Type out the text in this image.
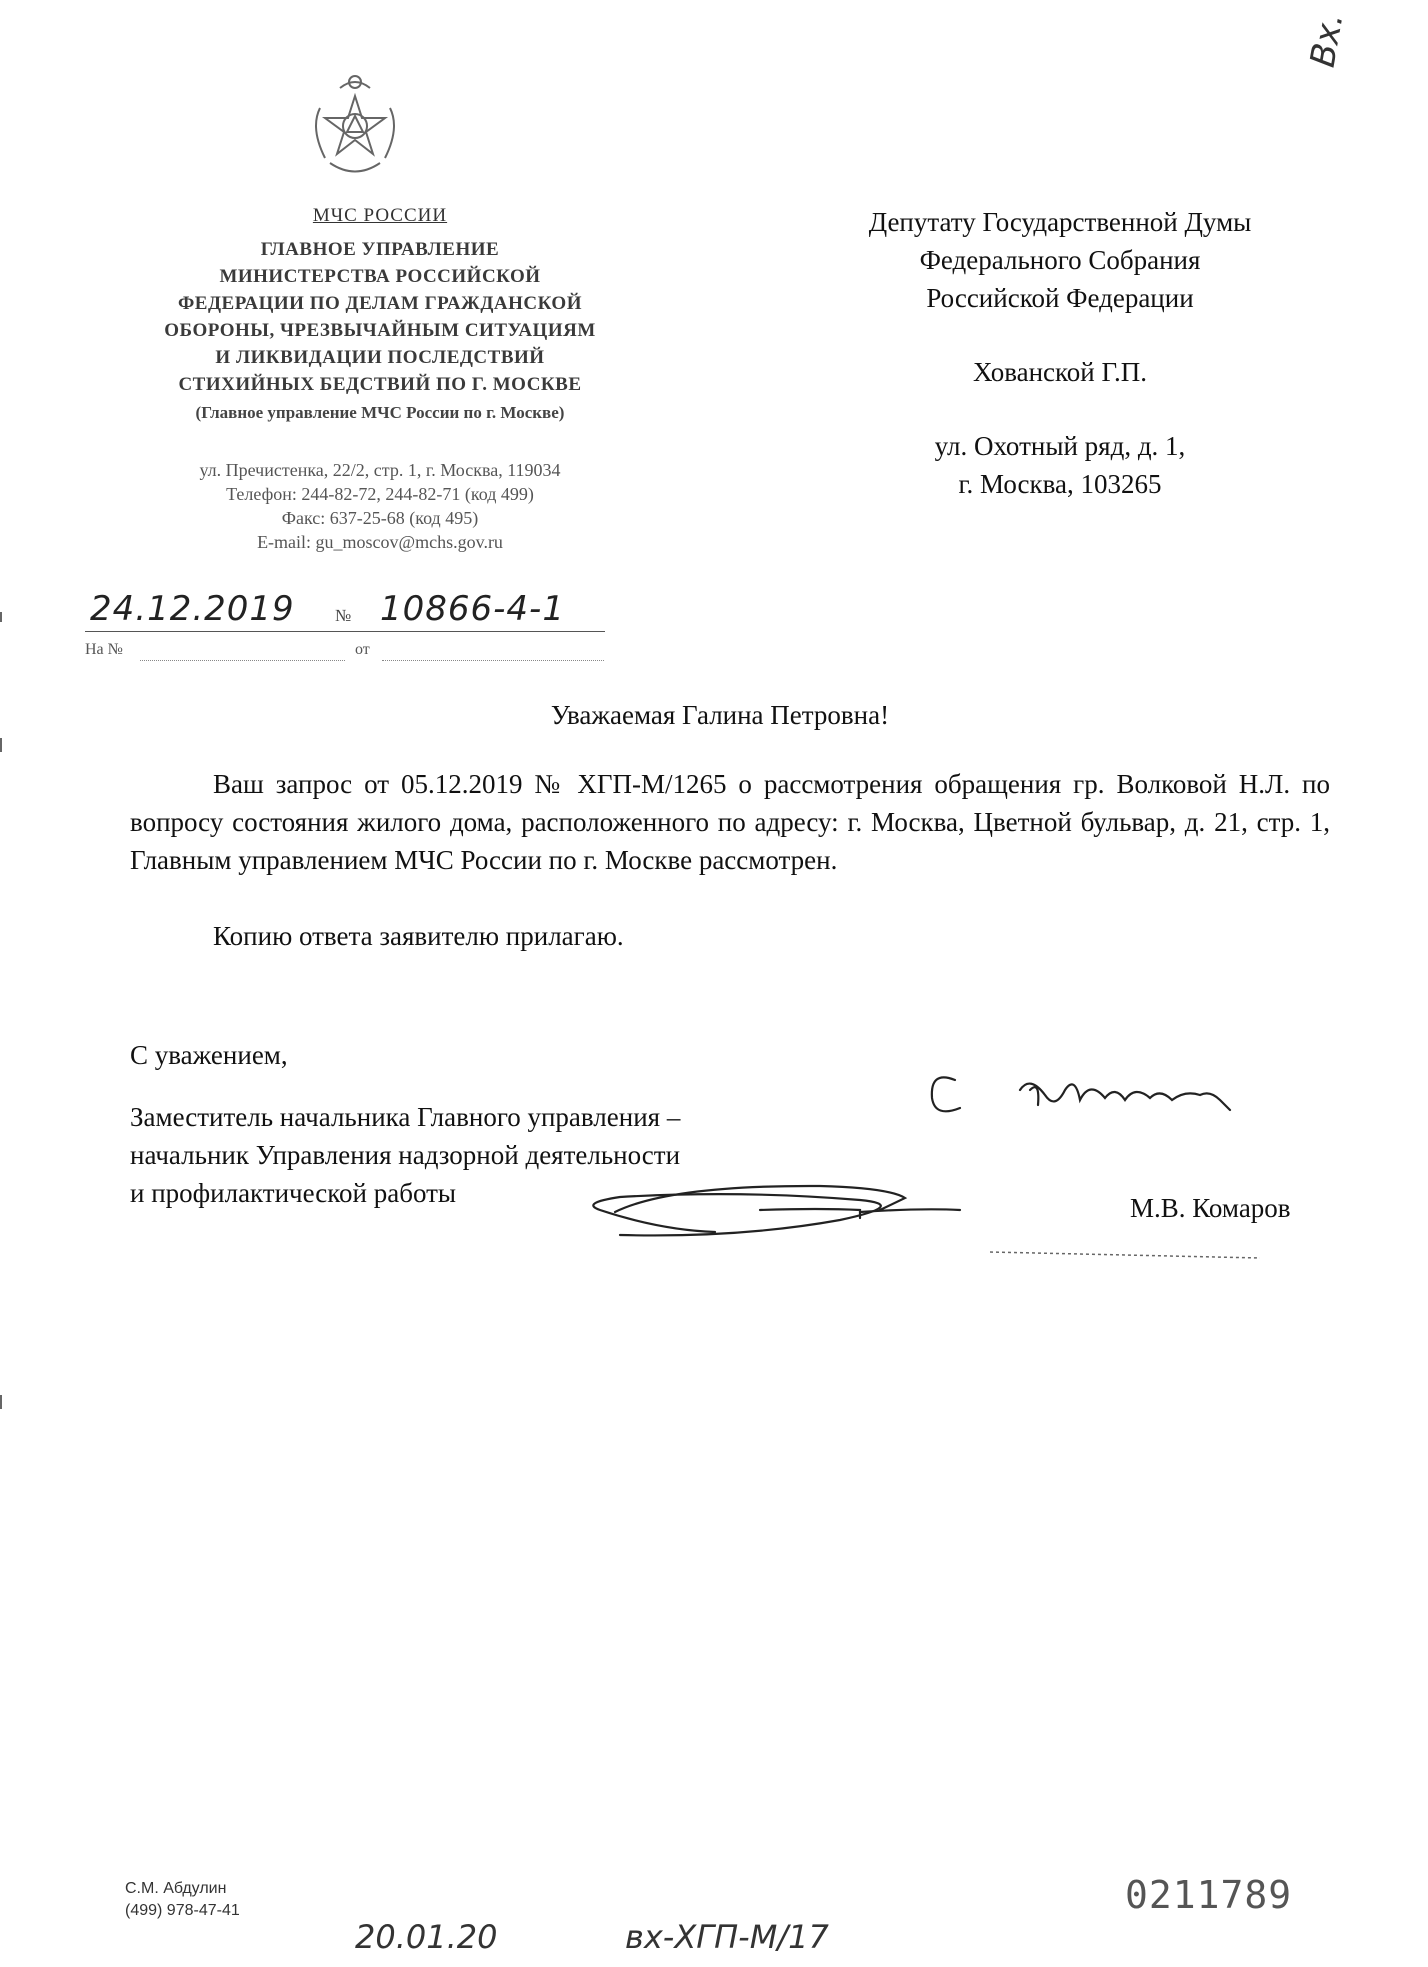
МЧС РОССИИ
ГЛАВНОЕ УПРАВЛЕНИЕ
МИНИСТЕРСТВА РОССИЙСКОЙ
ФЕДЕРАЦИИ ПО ДЕЛАМ ГРАЖДАНСКОЙ
ОБОРОНЫ, ЧРЕЗВЫЧАЙНЫМ СИТУАЦИЯМ
И ЛИКВИДАЦИИ ПОСЛЕДСТВИЙ
СТИХИЙНЫХ БЕДСТВИЙ ПО Г. МОСКВЕ
(Главное управление МЧС России по г. Москве)
ул. Пречистенка, 22/2, стр. 1, г. Москва, 119034
Телефон: 244-82-72, 244-82-71 (код 499)
Факс: 637-25-68 (код 495)
E-mail: gu_moscov@mchs.gov.ru
24.12.2019 № 10866-4-1
На №	от
Вх.
Депутату Государственной Думы
Федерального Собрания
Российской Федерации
Хованской Г.П.
ул. Охотный ряд, д. 1,
г. Москва, 103265
Уважаемая Галина Петровна!
Ваш запрос от 05.12.2019 № ХГП-М/1265 о рассмотрения обращения гр. Волковой Н.Л. по вопросу состояния жилого дома, расположенного по адресу: г. Москва, Цветной бульвар, д. 21, стр. 1, Главным управлением МЧС России по г. Москве рассмотрен.
Копию ответа заявителю прилагаю.
С уважением,
Заместитель начальника Главного управления –
начальник Управления надзорной деятельности
и профилактической работы	М.В. Комаров
С.М. Абдулин
(499) 978-47-41	0211789
20.01.20	вх-ХГП-М/17
